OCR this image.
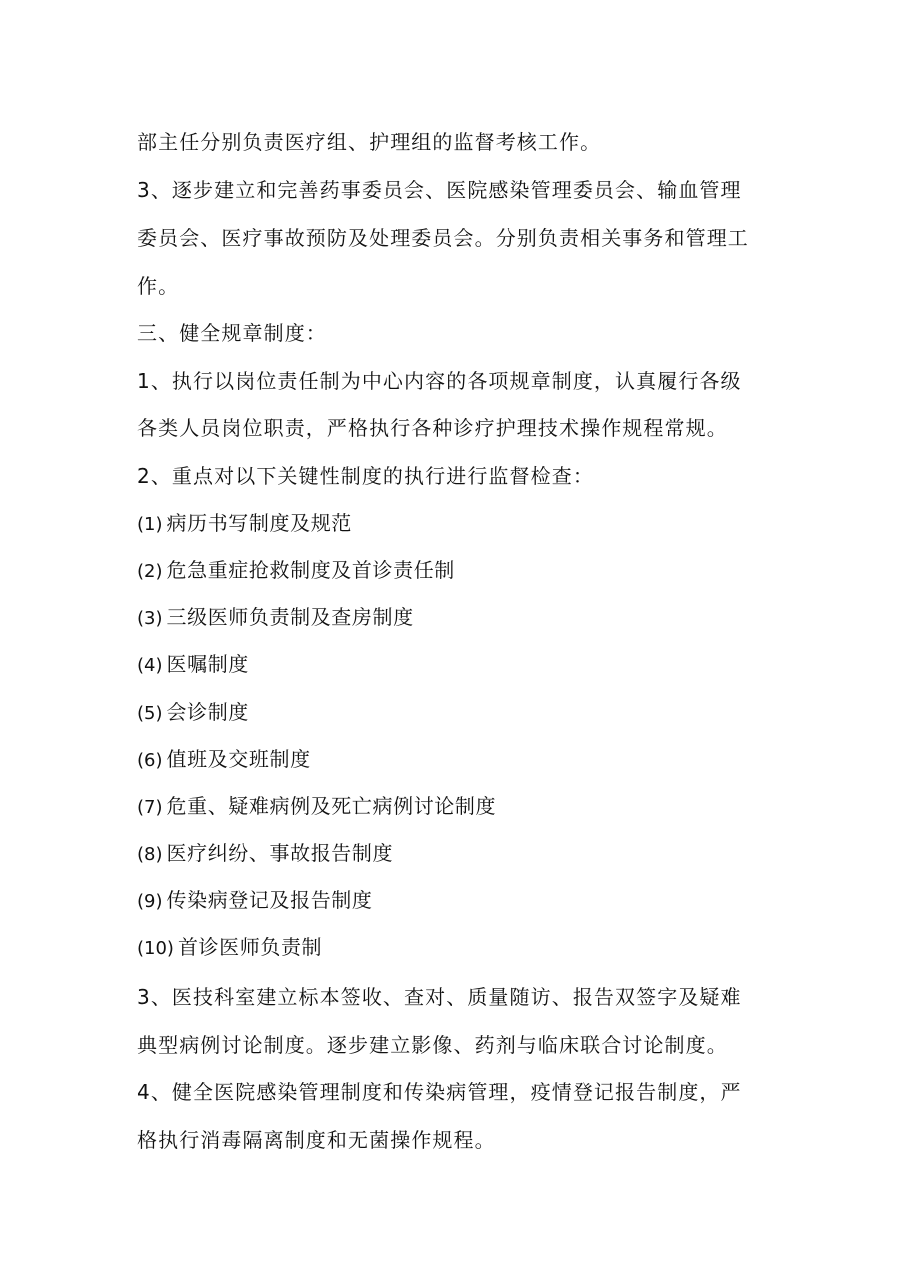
部主任分别负责医疗组、护理组的监督考核工作。
3、逐步建立和完善药事委员会、医院感染管理委员会、输血管理
委员会、医疗事故预防及处理委员会。分别负责相关事务和管理工
作。
三、健全规章制度：
1、执行以岗位责任制为中心内容的各项规章制度，认真履行各级
各类人员岗位职责，严格执行各种诊疗护理技术操作规程常规。
2、重点对以下关键性制度的执行进行监督检查：
(1) 病历书写制度及规范
(2) 危急重症抢救制度及首诊责任制
(3) 三级医师负责制及查房制度
(4) 医嘱制度
(5) 会诊制度
(6) 值班及交班制度
(7) 危重、疑难病例及死亡病例讨论制度
(8) 医疗纠纷、事故报告制度
(9) 传染病登记及报告制度
(10) 首诊医师负责制
3、医技科室建立标本签收、查对、质量随访、报告双签字及疑难
典型病例讨论制度。逐步建立影像、药剂与临床联合讨论制度。
4、健全医院感染管理制度和传染病管理，疫情登记报告制度，严
格执行消毒隔离制度和无菌操作规程。
